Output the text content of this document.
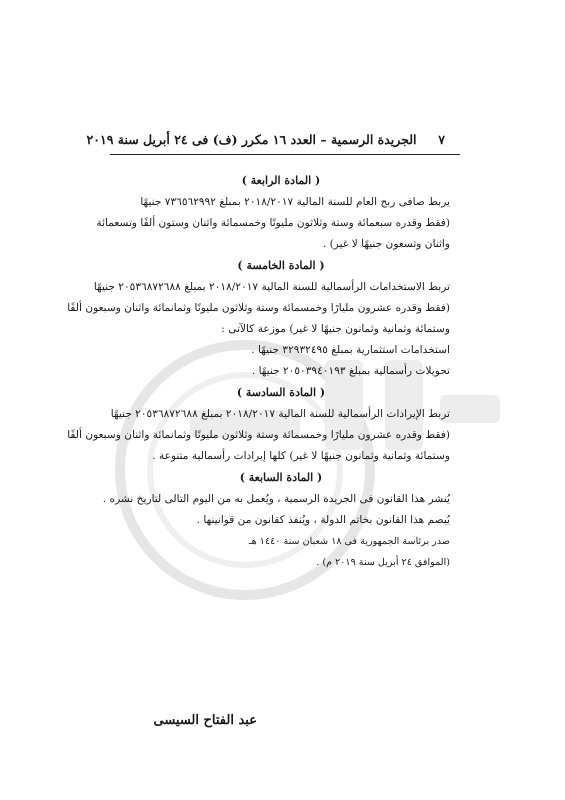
٧     الجريدة الرسمية – العدد ١٦ مكرر (ف) فى ٢٤ أبريل سنة ٢٠١٩
( المادة الرابعة )

يربط صافى ربح العام للسنة المالية ٢٠١٨/٢٠١٧ بمبلغ ٧٣٦٥٦٢٩٩٢ جنيهًا

(فقط وقدره سبعمائة وستة وثلاثون مليونًا وخمسمائة واثنان وستون ألفًا وتسعمائة

واثنان وتسعون جنيهًا لا غير) .

( المادة الخامسة )

تربط الاستخدامات الرأسمالية للسنة المالية ٢٠١٨/٢٠١٧ بمبلغ ٢٠٥٣٦٨٧٢٦٨٨ جنيهًا

(فقط وقدره عشرون مليارًا وخمسمائة وستة وثلاثون مليونًا وثمانمائة واثنان وسبعون ألفًا

وستمائة وثمانية وثمانون جنيهًا لا غير) موزعة كالآتى :

استخدامات استثمارية بمبلغ ٣٢٩٣٢٤٩٥ جنيهًا .

تحويلات رأسمالية بمبلغ ٢٠٥٠٣٩٤٠١٩٣ جنيهًا .

( المادة السادسة )

تربط الإيرادات الرأسمالية للسنة المالية ٢٠١٨/٢٠١٧ بمبلغ ٢٠٥٣٦٨٧٢٦٨٨ جنيهًا

(فقط وقدره عشرون مليارًا وخمسمائة وستة وثلاثون مليونًا وثمانمائة واثنان وسبعون ألفًا

وستمائة وثمانية وثمانون جنيهًا لا غير) كلها إيرادات رأسمالية متنوعة .

( المادة السابعة )

يُنشر هذا القانون فى الجريدة الرسمية ، ويُعمل به من اليوم التالى لتاريخ نشره .

يُبصم هذا القانون بخاتم الدولة ، ويُنفذ كقانون من قوانينها .

صدر برئاسة الجمهورية فى ١٨ شعبان سنة ١٤٤٠ هـ

(الموافق ٢٤ أبريل سنة ٢٠١٩ م) .

عبد الفتاح السيسى
